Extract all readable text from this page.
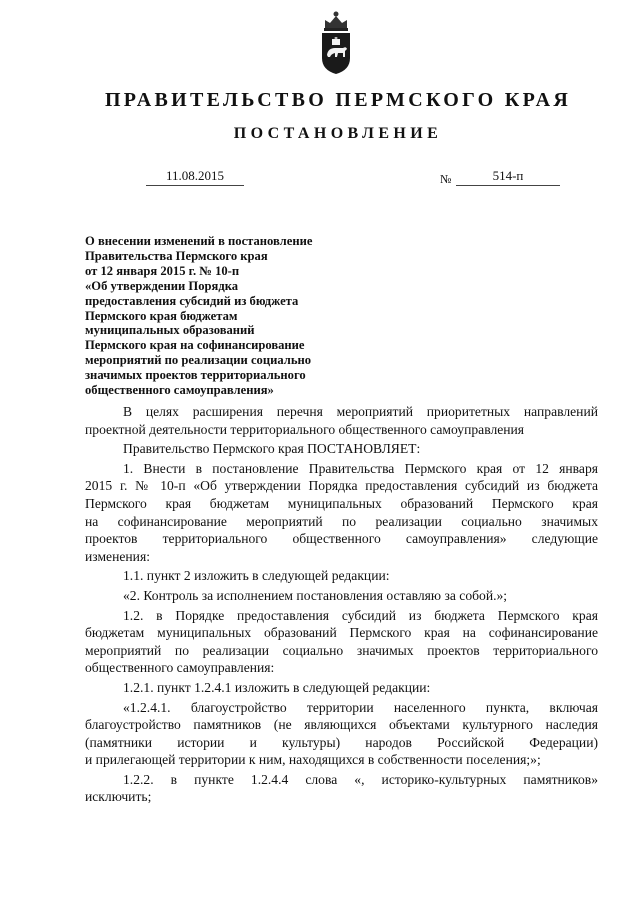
ПРАВИТЕЛЬСТВО ПЕРМСКОГО КРАЯ
ПОСТАНОВЛЕНИЕ
11.08.2015	№	514-п
О внесении изменений в постановление
Правительства Пермского края
от 12 января 2015 г. № 10-п
«Об утверждении Порядка
предоставления субсидий из бюджета
Пермского края бюджетам
муниципальных образований
Пермского края на софинансирование
мероприятий по реализации социально
значимых проектов территориального
общественного самоуправления»
В целях расширения перечня мероприятий приоритетных направлений
проектной деятельности территориального общественного самоуправления
Правительство Пермского края ПОСТАНОВЛЯЕТ:
1. Внести в постановление Правительства Пермского края от 12 января
2015 г. № 10-п «Об утверждении Порядка предоставления субсидий из бюджета
Пермского края бюджетам муниципальных образований Пермского края
на софинансирование мероприятий по реализации социально значимых
проектов территориального общественного самоуправления» следующие
изменения:
1.1. пункт 2 изложить в следующей редакции:
«2. Контроль за исполнением постановления оставляю за собой.»;
1.2. в Порядке предоставления субсидий из бюджета Пермского края
бюджетам муниципальных образований Пермского края на софинансирование
мероприятий по реализации социально значимых проектов территориального
общественного самоуправления:
1.2.1. пункт 1.2.4.1 изложить в следующей редакции:
«1.2.4.1. благоустройство территории населенного пункта, включая
благоустройство памятников (не являющихся объектами культурного наследия
(памятники истории и культуры) народов Российской Федерации)
и прилегающей территории к ним, находящихся в собственности поселения;»;
1.2.2. в пункте 1.2.4.4 слова «, историко-культурных памятников»
исключить;
